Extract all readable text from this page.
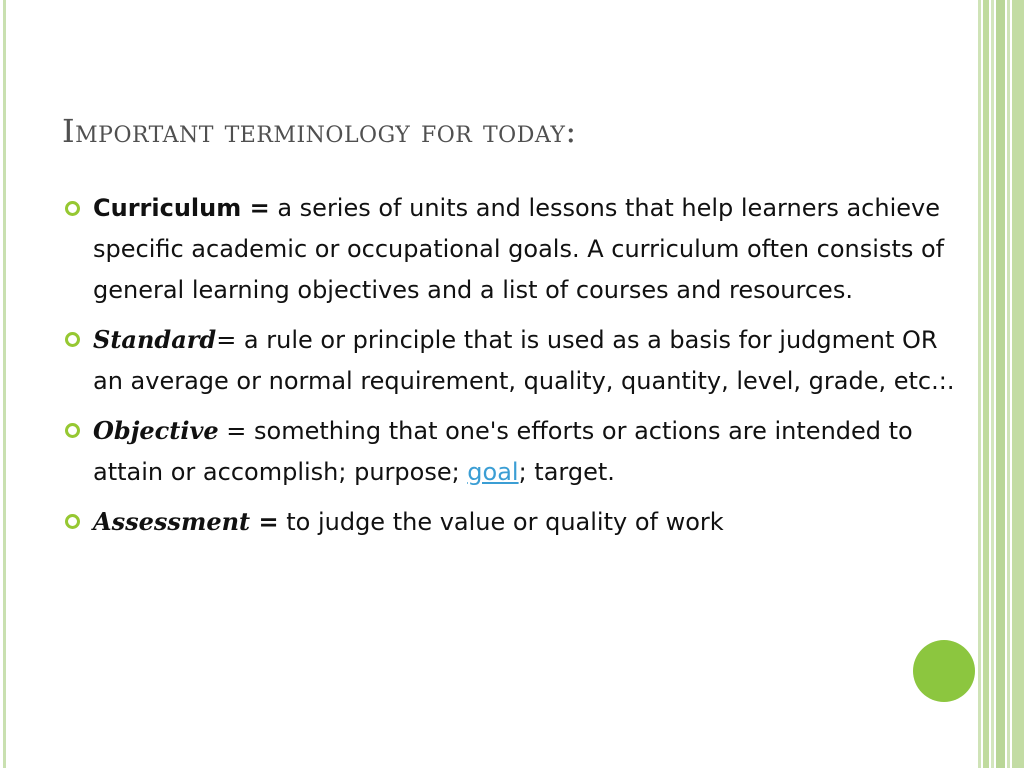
Important terminology for today:
Curriculum = a series of units and lessons that help learners achieve specific academic or occupational goals. A curriculum often consists of general learning objectives and a list of courses and resources.
Standard= a rule or principle that is used as a basis for judgment OR an average or normal requirement, quality, quantity, level, grade, etc.:.
Objective = something that one's efforts or actions are intended to attain or accomplish; purpose; goal; target.
Assessment = to judge the value or quality of work
